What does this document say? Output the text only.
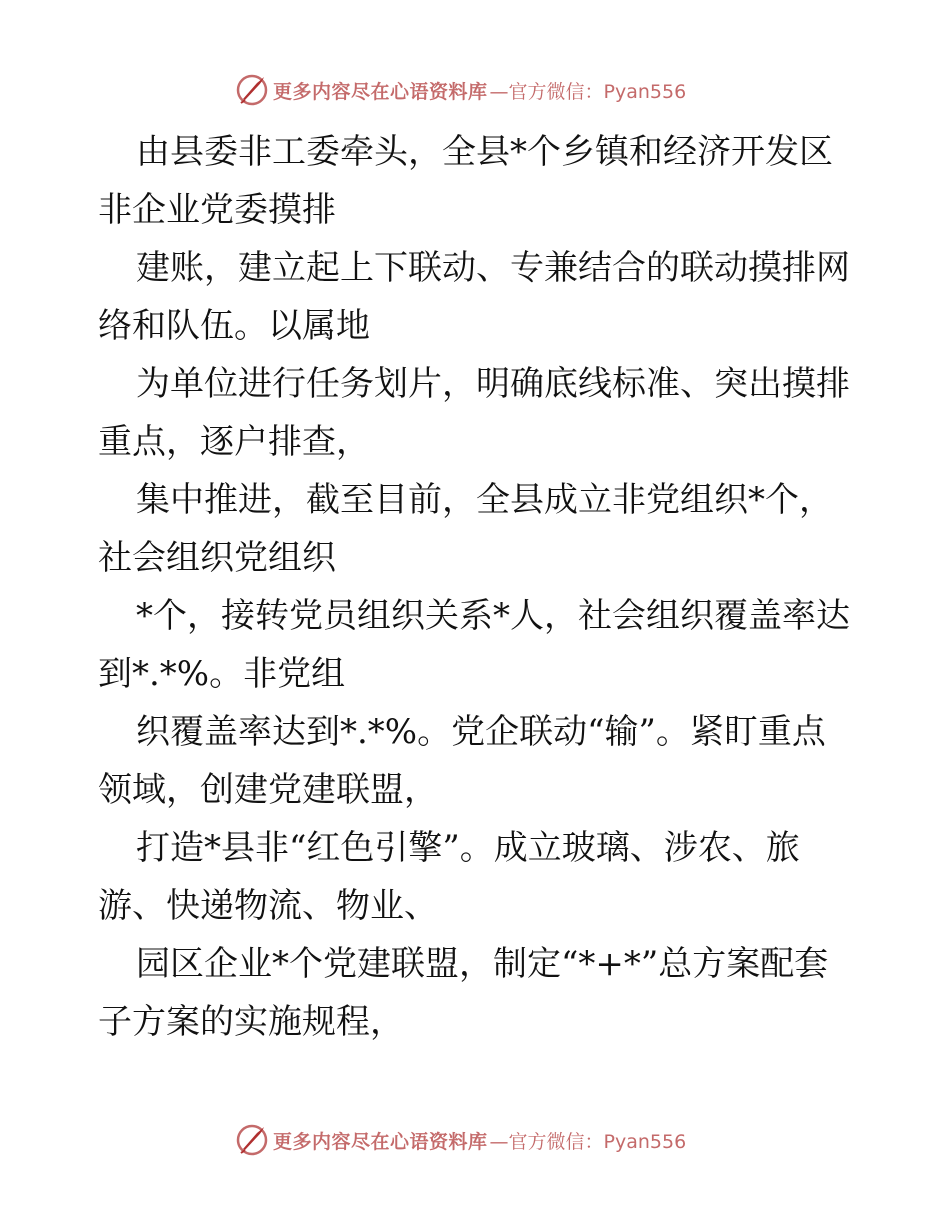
更多内容尽在心语资料库 —官方微信：Pyan556

由县委非工委牵头，全县*个乡镇和经济开发区非企业党委摸排

建账，建立起上下联动、专兼结合的联动摸排网络和队伍。以属地

为单位进行任务划片，明确底线标准、突出摸排重点，逐户排查，

集中推进，截至目前，全县成立非党组织*个，社会组织党组织

*个，接转党员组织关系*人，社会组织覆盖率达到*.*%。非党组

织覆盖率达到*.*%。党企联动“输”。紧盯重点领域，创建党建联盟，

打造*县非“红色引擎”。成立玻璃、涉农、旅游、快递物流、物业、

园区企业*个党建联盟，制定“*+*”总方案配套子方案的实施规程，

更多内容尽在心语资料库 —官方微信：Pyan556
